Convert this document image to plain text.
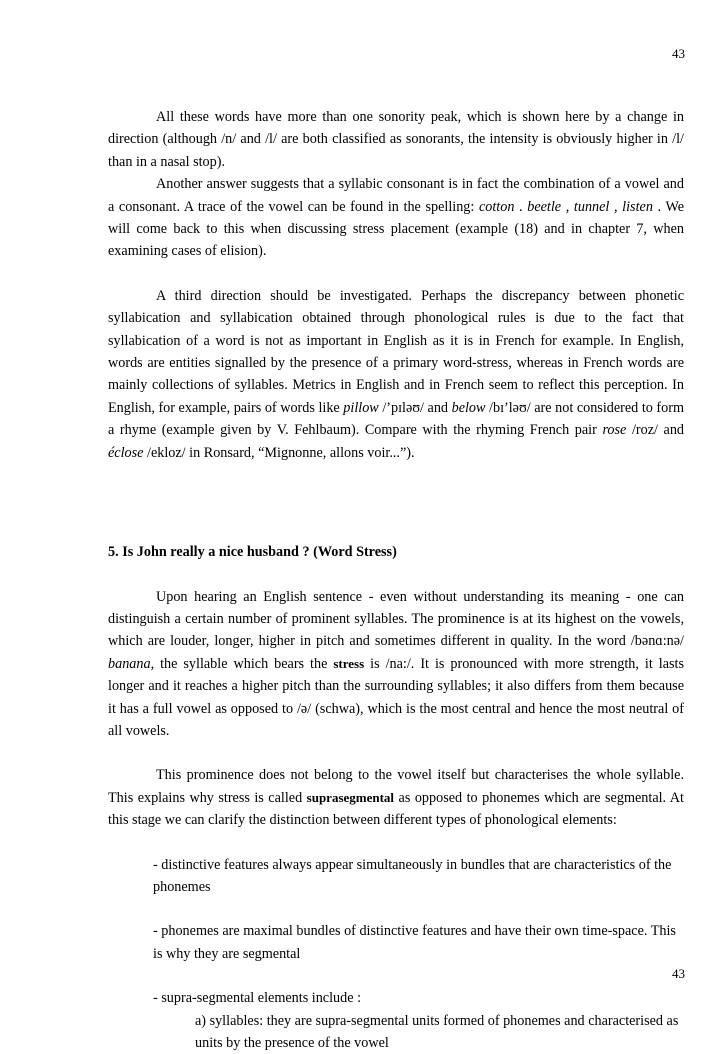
43

All these words have more than one sonority peak, which is shown here by a change in direction (although /n/ and /l/ are both classified as sonorants, the intensity is obviously higher in /l/ than in a nasal stop).

Another answer suggests that a syllabic consonant is in fact the combination of a vowel and a consonant. A trace of the vowel can be found in the spelling: cotton . beetle , tunnel , listen . We will come back to this when discussing stress placement (example (18) and in chapter 7, when examining cases of elision).

A third direction should be investigated. Perhaps the discrepancy between phonetic syllabication and syllabication obtained through phonological rules is due to the fact that syllabication of a word is not as important in English as it is in French for example. In English, words are entities signalled by the presence of a primary word-stress, whereas in French words are mainly collections of syllables. Metrics in English and in French seem to reflect this perception. In English, for example, pairs of words like pillow /’pɪləʊ/ and below /bɪ’ləʊ/ are not considered to form a rhyme (example given by V. Fehlbaum). Compare with the rhyming French pair rose /roz/ and éclose /ekloz/ in Ronsard, “Mignonne, allons voir...”).

5. Is John really a nice husband ? (Word Stress)

Upon hearing an English sentence - even without understanding its meaning - one can distinguish a certain number of prominent syllables. The prominence is at its highest on the vowels, which are louder, longer, higher in pitch and sometimes different in quality. In the word /bənɑ:nə/ banana, the syllable which bears the stress is /na:/. It is pronounced with more strength, it lasts longer and it reaches a higher pitch than the surrounding syllables; it also differs from them because it has a full vowel as opposed to /ə/ (schwa), which is the most central and hence the most neutral of all vowels.

This prominence does not belong to the vowel itself but characterises the whole syllable. This explains why stress is called suprasegmental as opposed to phonemes which are segmental. At this stage we can clarify the distinction between different types of phonological elements:

- distinctive features always appear simultaneously in bundles that are characteristics of the phonemes

- phonemes are maximal bundles of distinctive features and have their own time-space. This is why they are segmental

- supra-segmental elements include :

a) syllables: they are supra-segmental units formed of phonemes and characterised as units by the presence of the vowel

43
